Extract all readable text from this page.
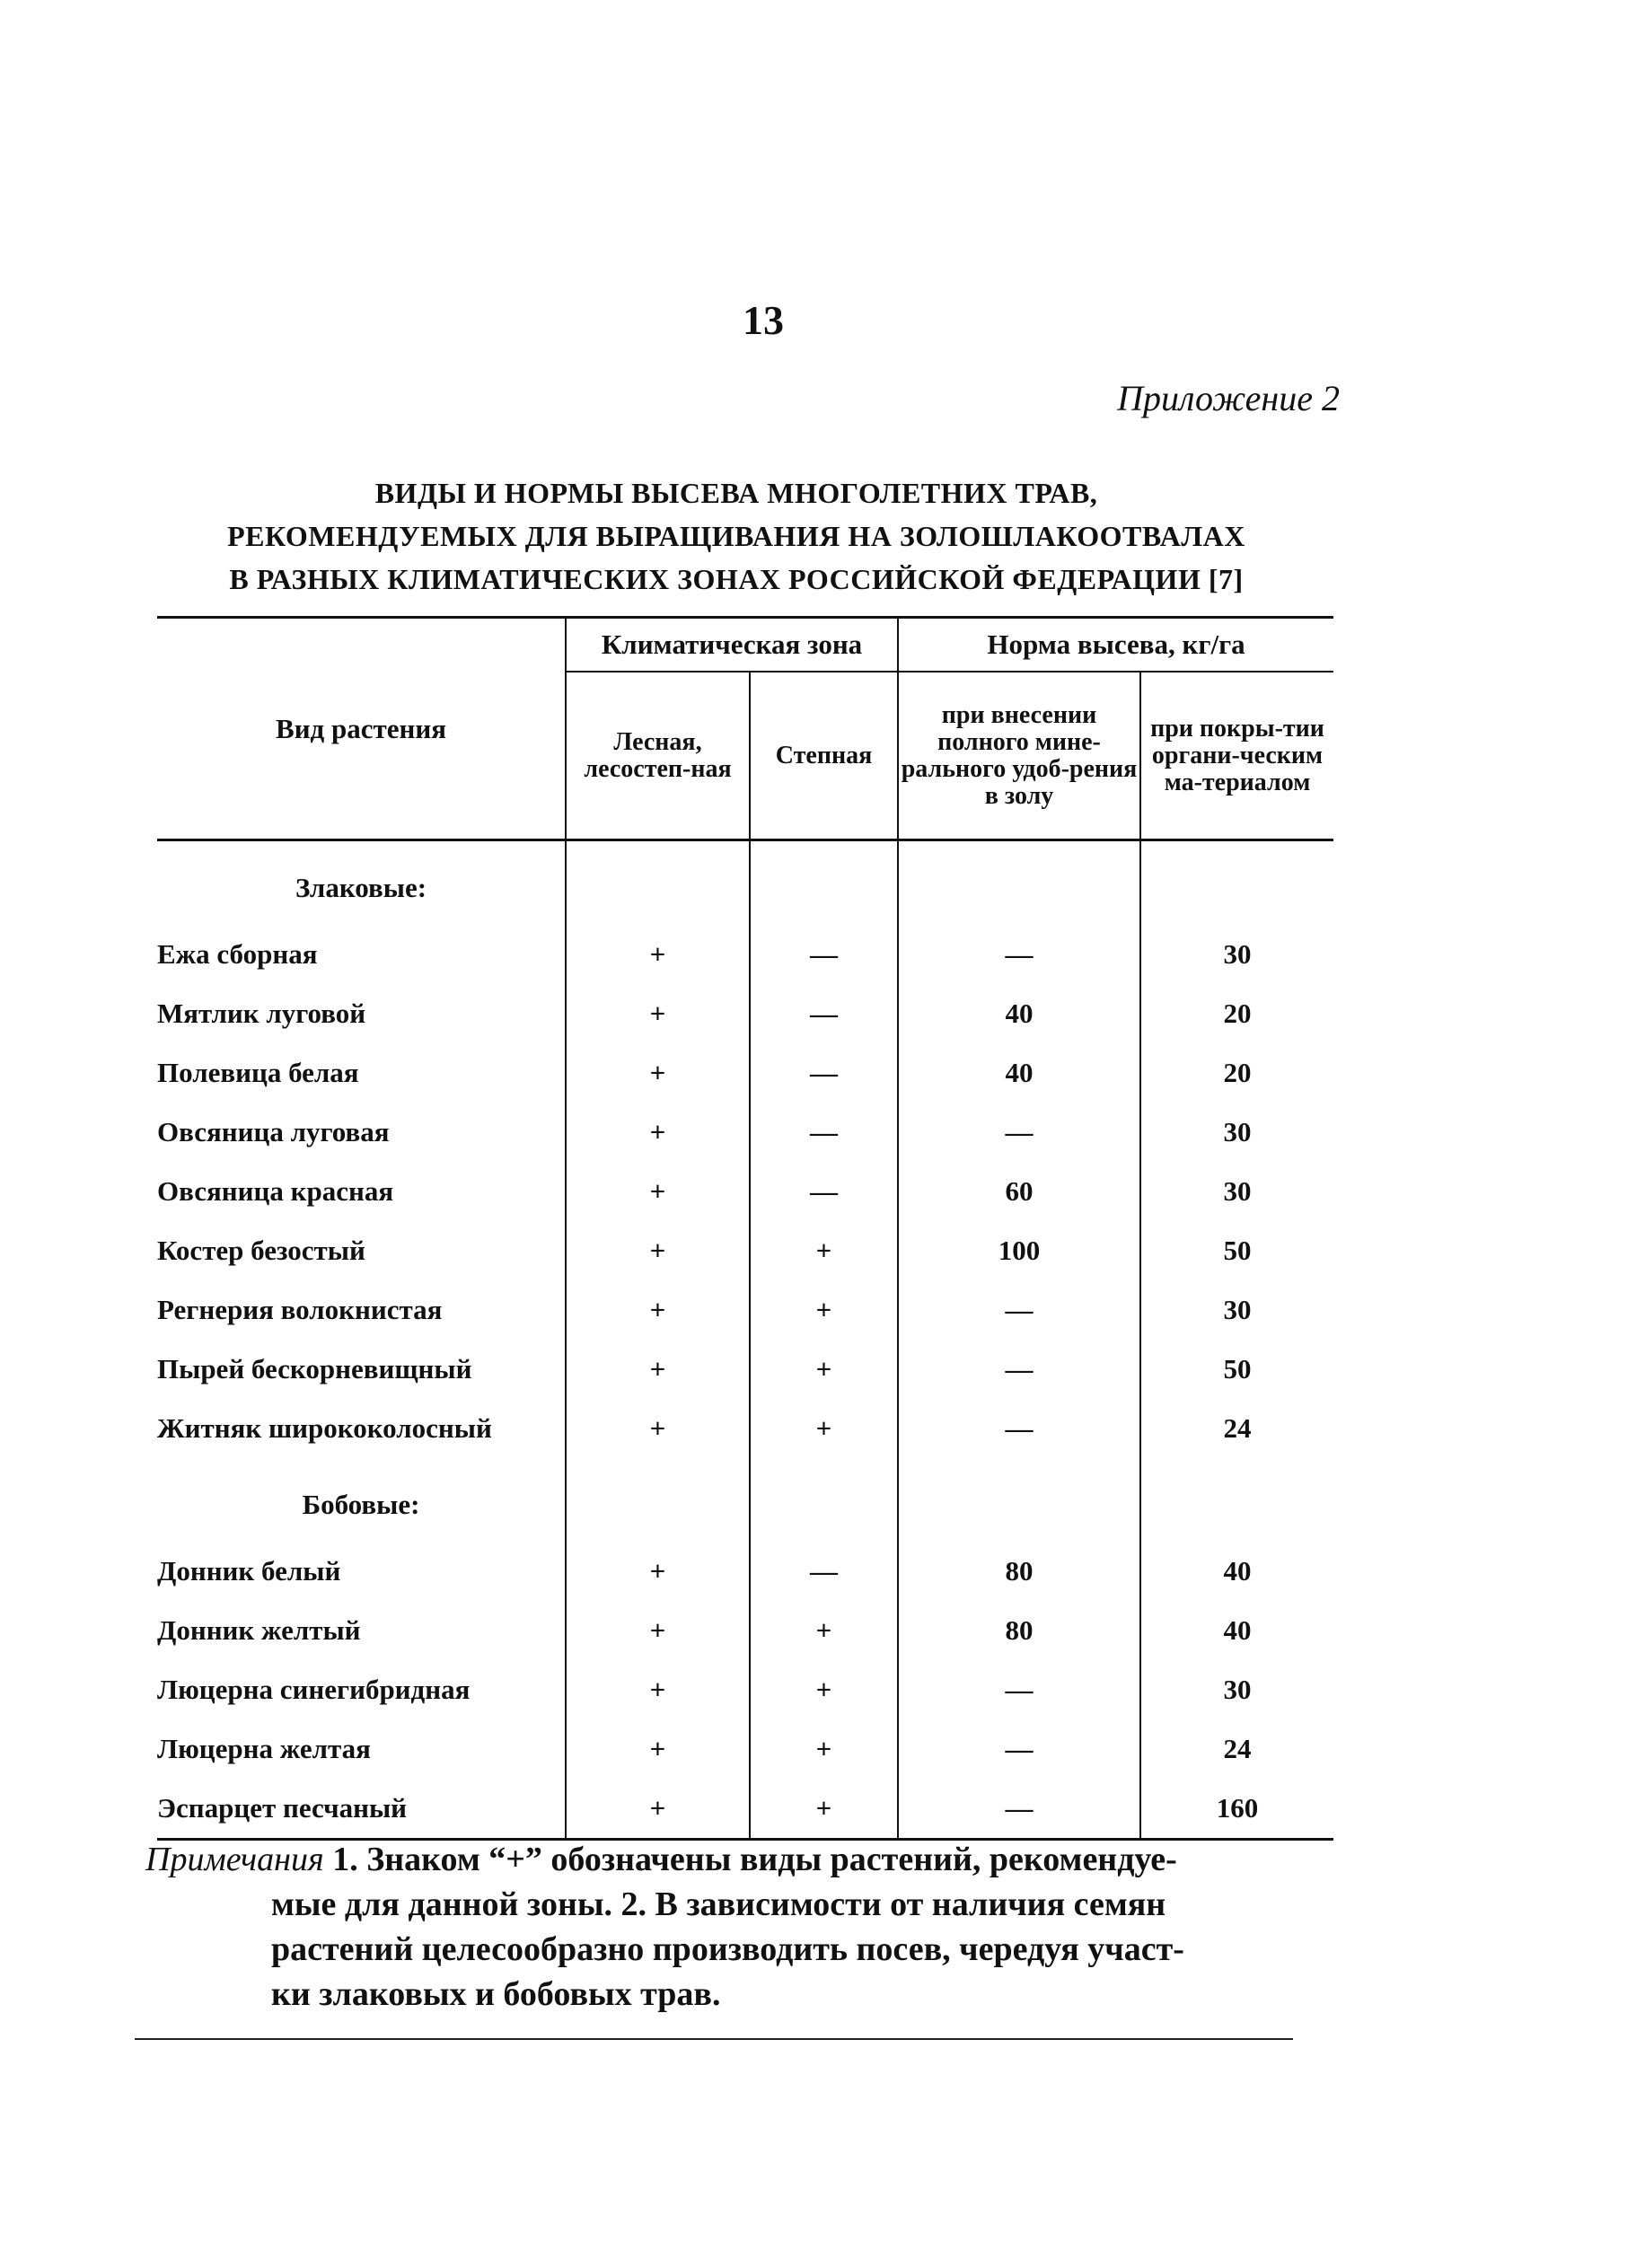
13
Приложение 2
ВИДЫ И НОРМЫ ВЫСЕВА МНОГОЛЕТНИХ ТРАВ,
РЕКОМЕНДУЕМЫХ ДЛЯ ВЫРАЩИВАНИЯ НА ЗОЛОШЛАКООТВАЛАХ
В РАЗНЫХ КЛИМАТИЧЕСКИХ ЗОНАХ РОССИЙСКОЙ ФЕДЕРАЦИИ [7]
Вид растения	Климатическая зона		Норма высева, кг/га	
	Лесная, лесостеп-ная	Степная	при внесении полного мине-рального удоб-рения в золу	при покры-тии органи-ческим ма-териалом
Злаковые:				
Ежа сборная	+	—	—	30
Мятлик луговой	+	—	40	20
Полевица белая	+	—	40	20
Овсяница луговая	+	—	—	30
Овсяница красная	+	—	60	30
Костер безостый	+	+	100	50
Регнерия волокнистая	+	+	—	30
Пырей бескорневищный	+	+	—	50
Житняк ширококолосный	+	+	—	24
Бобовые:				
Донник белый	+	—	80	40
Донник желтый	+	+	80	40
Люцерна синегибридная	+	+	—	30
Люцерна желтая	+	+	—	24
Эспарцет песчаный	+	+	—	160
Примечания 1. Знаком “+” обозначены виды растений, рекомендуе-
мые для данной зоны. 2. В зависимости от наличия семян
растений целесообразно производить посев, чередуя участ-
ки злаковых и бобовых трав.
